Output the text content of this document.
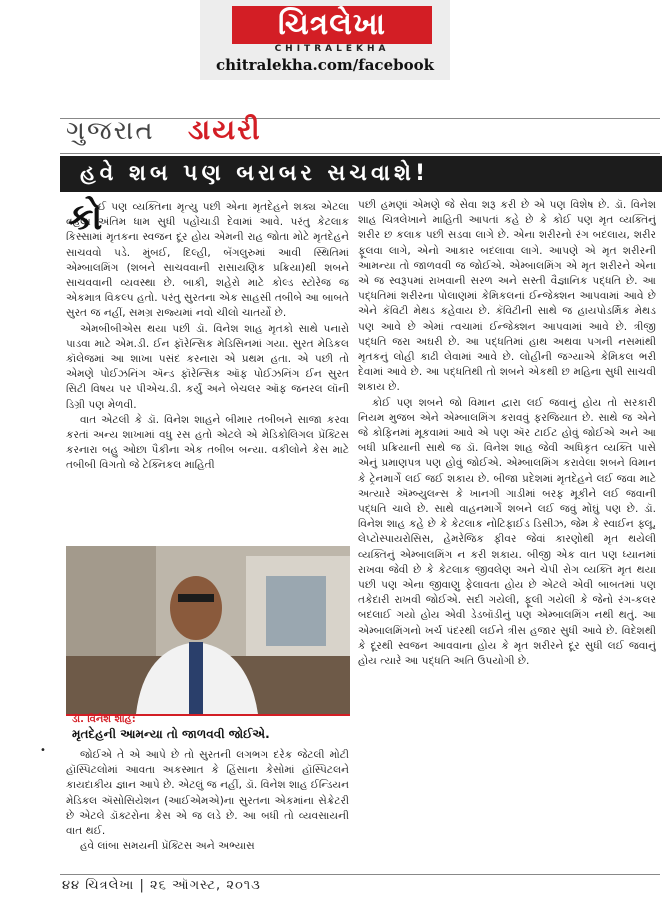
ચિત્રલેખા
CHITRALEKHA
chitralekha.com/facebook
ગુજરાત ડાયરી
હવે શબ પણ બરાબર સચવાશે!

ઈ પણ વ્યક્તિના મૃત્યુ પછી એના મૃતદેહને શક્ય એટલા વહેલા અંતિમ ધામ સુધી પહોંચાડી દેવામાં આવે. પરંતુ કેટલાક કિસ્સામાં મૃતકના સ્વજન દૂર હોય એમની રાહ જોતા મોટે મૃતદેહને સાચવવો પડે. મુંબઈ, દિલ્હી, બૅંગલુરુમાં આવી સ્થિતિમાં એમ્બાલમિંગ (શબને સાચવવાની રાસાયણિક પ્રક્રિયા)થી શબને સાચવવાની વ્યવસ્થા છે. બાકી, શહેરો માટે કોલ્ડ સ્ટોરેજ જ એકમાત્ર વિકલ્પ હતો. પરંતુ સુરતના એક સાહસી તબીબે આ બાબતે સુરત જ નહીં, સમગ્ર રાજ્યમાં નવો ચીલો ચાતર્યો છે.

એમબીબીએસ થયા પછી ડૉ. વિનેશ શાહ મૃતકો સાથે પનારો પાડવા માટે એમ.ડી. ઈન ફૉરેન્સિક મેડિસિનમાં ગયા. સુરત મેડિકલ કૉલેજમાં આ શાખા પસંદ કરનારા એ પ્રથમ હતા. એ પછી તો એમણે પોઈઝનિંગ ઍન્ડ ફૉરેન્સિક ઑફ પોઈઝનિંગ ઈન સુરત સિટી વિષય પર પીએચ.ડી. કર્યું અને બેચલર ઑફ જનરલ લૉની ડિગ્રી પણ મેળવી.

વાત એટલી કે ડૉ. વિનેશ શાહને બીમાર તબીબને સાજા કરવા કરતાં અન્ય શાખામાં વધુ રસ હતો એટલે એ મેડિકોલિગલ પ્રૅક્ટિસ કરનારા બહુ ઓછા પૈકીના એક તબીબ બન્યા. વકીલોને કેસ માટે તબીબી વિગતો જે ટેક્નિકલ માહિતી

કો
ડૉ. વિનેશ શાહ:
મૃતદેહની આમન્યા તો જાળવવી જોઈએ.
•	જોઈએ તે એ આપે છે તો સુરતની લગભગ દરેક જેટલી મોટી હૉસ્પિટલોમાં આવતા અકસ્માત કે હિંસાના કેસોમાં હૉસ્પિટલને કાયદાકીય જ્ઞાન આપે છે. એટલું જ નહીં, ડૉ. વિનેશ શાહ ઈન્ડિયન મેડિકલ ઍસોસિયેશન (આઈએમએ)ના સુરતના એકમાંના સેક્રેટરી છે એટલે ડૉક્ટરોના કેસ એ જ લડે છે. આ બધી તો વ્યવસાયની વાત થઈ.

હવે લાંબા સમયની પ્રૅક્ટિસ અને અભ્યાસ

પછી હમણાં એમણે જે સેવા શરૂ કરી છે એ પણ વિશેષ છે. ડૉ. વિનેશ શાહ ચિત્રલેખાને માહિતી આપતાં કહે છે કે કોઈ પણ મૃત વ્યક્તિનું શરીર છ કલાક પછી સડવા લાગે છે. એના શરીરનો રંગ બદલાય, શરીર ફૂલવા લાગે, એનો આકાર બદલાવા લાગે. આપણે એ મૃત શરીરની આમન્યા તો જાળવવી જ જોઈએ. એમ્બાલમિંગ એ મૃત શરીરને એના એ જ સ્વરૂપમાં રાખવાની સરળ અને સસ્તી વૈજ્ઞાનિક પદ્ધતિ છે. આ પદ્ધતિમાં શરીરના પોલાણમાં કેમિકલનાં ઈન્જેક્શન આપવામાં આવે છે એને કૅવિટી મેથડ કહેવાય છે. કૅવિટીની સાથે જ હાયપોડર્મિક મેથડ પણ આવે છે એમાં ત્વચામાં ઈન્જેક્શન આપવામાં આવે છે. ત્રીજી પદ્ધતિ જરા અઘરી છે. આ પદ્ધતિમાં હાથ અથવા પગની નસમાંથી મૃતકનું લોહી કાઢી લેવામાં આવે છે. લોહીની જગ્યાએ કેમિકલ ભરી દેવામાં આવે છે. આ પદ્ધતિથી તો શબને એકથી છ મહિના સુધી સાચવી શકાય છે.

કોઈ પણ શબને જો વિમાન દ્વારા લઈ જવાનું હોય તો સરકારી નિયમ મુજબ એને એમ્બાલમિંગ કરાવવું ફરજિયાત છે. સાથે જ એને જે કોફિનમાં મૂકવામાં આવે એ પણ ઍર ટાઈટ હોવું જોઈએ અને આ બધી પ્રક્રિયાની સાથે જ ડૉ. વિનેશ શાહ જેવી અધિકૃત વ્યક્તિ પાસે એનું પ્રમાણપત્ર પણ હોવું જોઈએ. એમ્બાલમિંગ કરાવેલા શબને વિમાન કે ટ્રેનમાર્ગે લઈ જઈ શકાય છે. બીજા પ્રદેશમાં મૃતદેહને લઈ જવા માટે અત્યારે ઍમ્બ્યુલન્સ કે ખાનગી ગાડીમાં બરફ મૂકીને લઈ જવાની પદ્ધતિ ચાલે છે. સાથે વાહનમાર્ગે શબને લઈ જવું મોંઘું પણ છે. ડૉ. વિનેશ શાહ કહે છે કે કેટલાક નોટિફાઈડ ડિસીઝ, જેમ કે સ્વાઈન ફ્લૂ, લેપ્ટોસ્પાયરોસિસ, હેમરેજિક ફીવર જેવાં કારણોથી મૃત થયેલી વ્યક્તિનું એમ્બાલમિંગ ન કરી શકાય. બીજી એક વાત પણ ધ્યાનમાં રાખવા જેવી છે કે કેટલાક જીવલેણ અને ચેપી રોગ વ્યક્તિ મૃત થયા પછી પણ એના જીવાણુ ફેલાવતા હોય છે એટલે એવી બાબતમાં પણ તકેદારી રાખવી જોઈએ. સદી ગયેલી, ફૂલી ગયેલી કે જેનો રંગ-કલર બદલાઈ ગયો હોય એવી ડેડબૉડીનું પણ એમ્બાલમિંગ નથી થતું. આ એમ્બાલમિંગનો ખર્ચ પંદરથી લઈને ત્રીસ હજાર સુધી આવે છે. વિદેશથી કે દૂરથી સ્વજન આવવાના હોય કે મૃત શરીરને દૂર સુધી લઈ જવાનું હોય ત્યારે આ પદ્ધતિ અતિ ઉપયોગી છે.

૪૪ ચિત્રલેખા | ૨૬ ઑગસ્ટ, ૨૦૧૩
